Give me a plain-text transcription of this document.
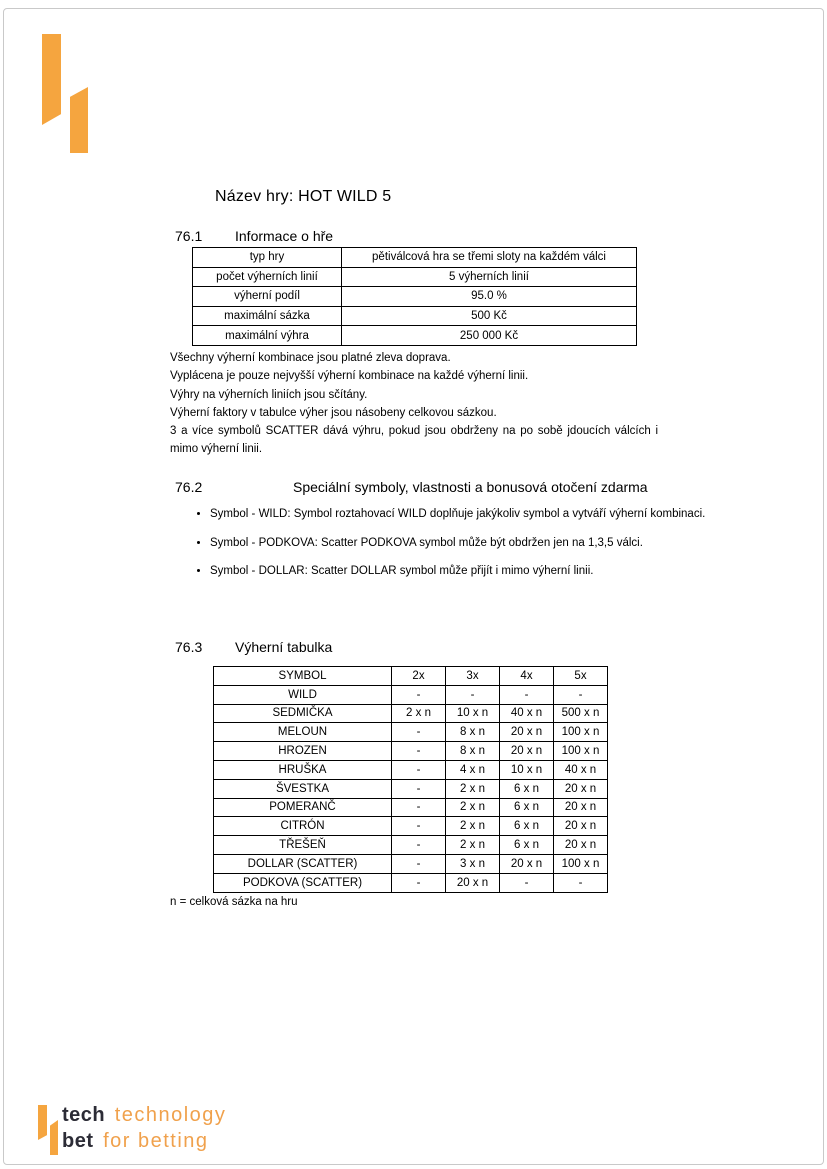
Název hry: HOT WILD 5
76.1 Informace o hře
typ hry	pětiválcová hra se třemi sloty na každém válci
počet výherních linií	5 výherních linií
výherní podíl	95.0 %
maximální sázka	500 Kč
maximální výhra	250 000 Kč

Všechny výherní kombinace jsou platné zleva doprava.

Vyplácena je pouze nejvyšší výherní kombinace na každé výherní linii.

Výhry na výherních liniích jsou sčítány.

Výherní faktory v tabulce výher jsou násobeny celkovou sázkou.

3 a více symbolů SCATTER dává výhru, pokud jsou obdrženy na po sobě jdoucích válcích i mimo výherní linii.

76.2	Speciální symboly, vlastnosti a bonusová otočení zdarma
• Symbol - WILD: Symbol roztahovací WILD doplňuje jakýkoliv symbol a vytváří výherní kombinaci.
• Symbol - PODKOVA: Scatter PODKOVA symbol může být obdržen jen na 1,3,5 válci.
• Symbol - DOLLAR: Scatter DOLLAR symbol může přijít i mimo výherní linii.
76.3 Výherní tabulka
SYMBOL	2x	3x	4x	5x
WILD	-	-	-	-
SEDMIČKA	2 x n	10 x n	40 x n	500 x n
MELOUN	-	8 x n	20 x n	100 x n
HROZEN	-	8 x n	20 x n	100 x n
HRUŠKA	-	4 x n	10 x n	40 x n
ŠVESTKA	-	2 x n	6 x n	20 x n
POMERANČ	-	2 x n	6 x n	20 x n
CITRÓN	-	2 x n	6 x n	20 x n
TŘEŠEŇ	-	2 x n	6 x n	20 x n
DOLLAR (SCATTER)	-	3 x n	20 x n	100 x n
PODKOVA (SCATTER)	-	20 x n	-	-

n = celková sázka na hru

tech technology
bet for betting
